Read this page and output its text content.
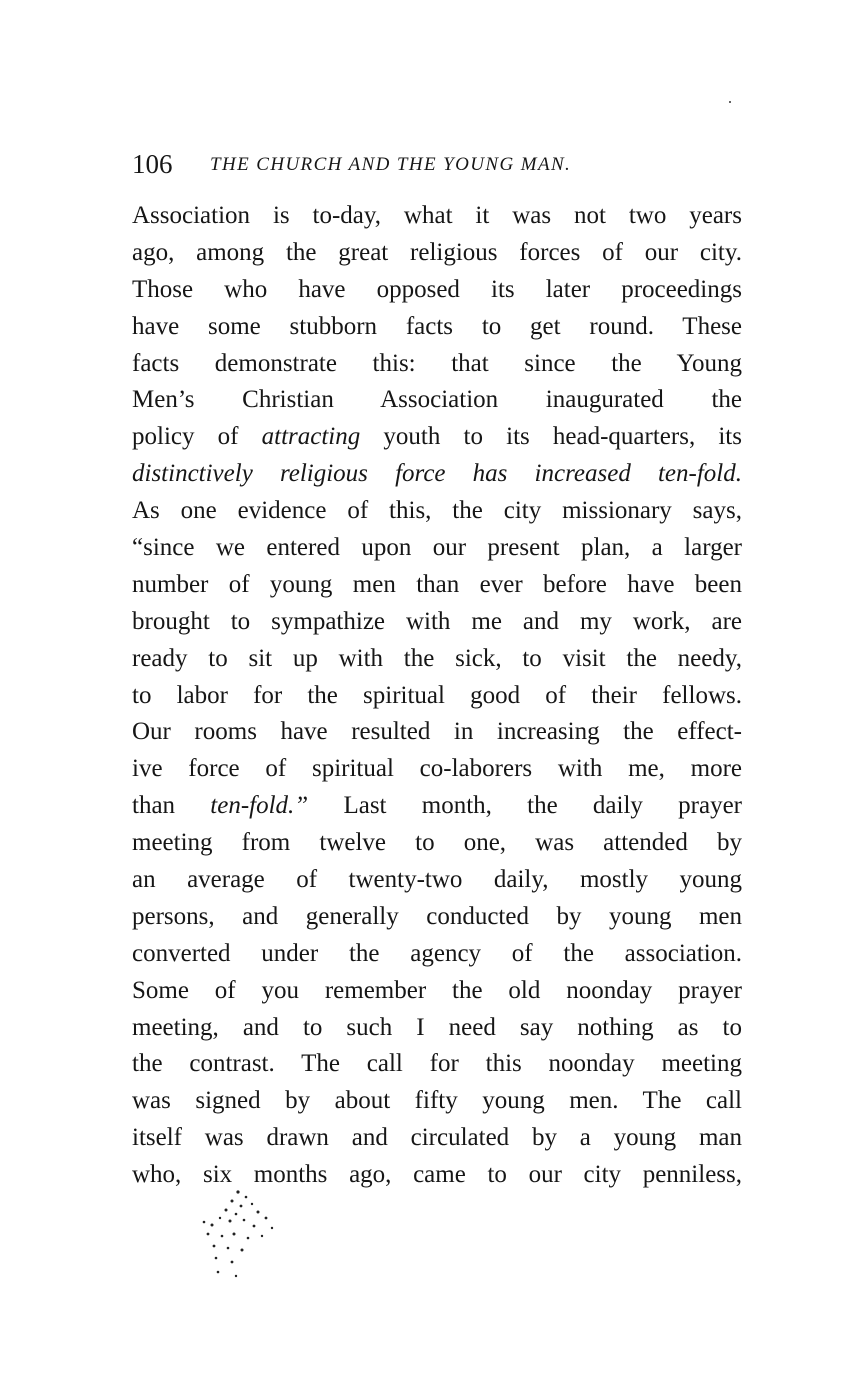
106 THE CHURCH AND THE YOUNG MAN.
Association is to-day, what it was not two years
ago, among the great religious forces of our city.
Those who have opposed its later proceedings
have some stubborn facts to get round. These
facts demonstrate this: that since the Young
Men’s Christian Association inaugurated the
policy of attracting youth to its head-quarters, its
distinctively religious force has increased ten-fold.
As one evidence of this, the city missionary says,
“since we entered upon our present plan, a larger
number of young men than ever before have been
brought to sympathize with me and my work, are
ready to sit up with the sick, to visit the needy,
to labor for the spiritual good of their fellows.
Our rooms have resulted in increasing the effect-
ive force of spiritual co-laborers with me, more
than ten-fold.” Last month, the daily prayer
meeting from twelve to one, was attended by
an average of twenty-two daily, mostly young
persons, and generally conducted by young men
converted under the agency of the association.
Some of you remember the old noonday prayer
meeting, and to such I need say nothing as to
the contrast. The call for this noonday meeting
was signed by about fifty young men. The call
itself was drawn and circulated by a young man
who, six months ago, came to our city penniless,
